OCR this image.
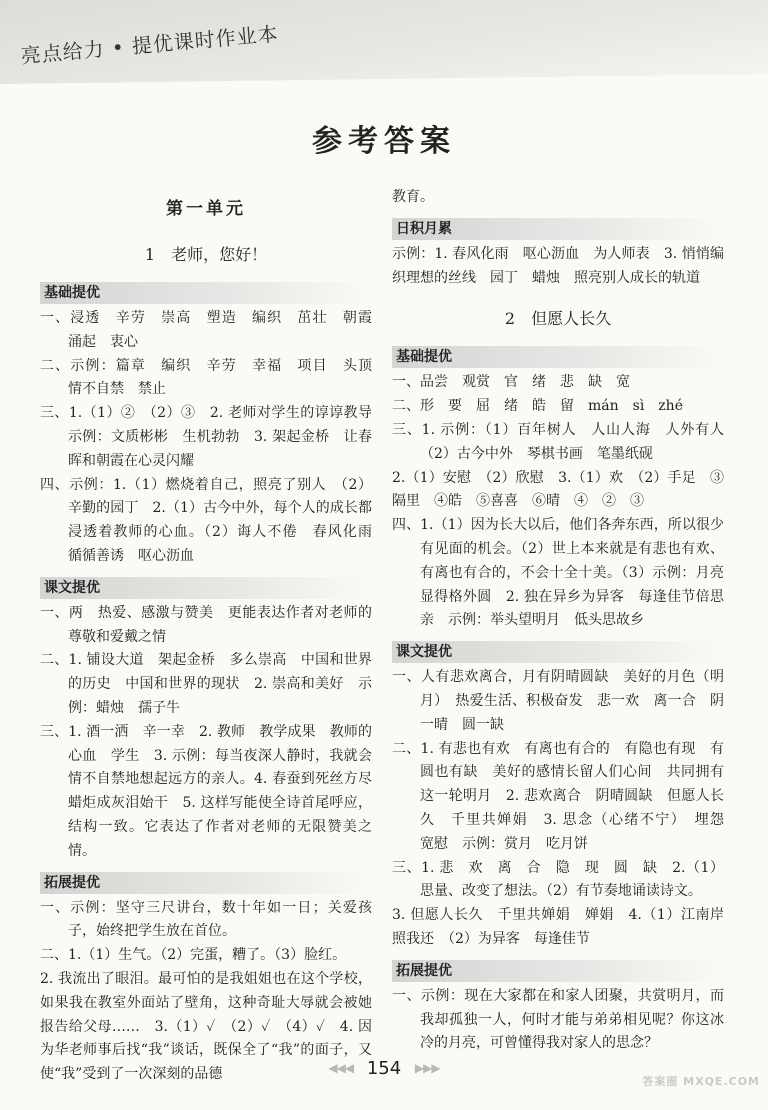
亮点给力 • 提优课时作业本
参考答案
第一单元
1　老师，您好！
基础提优
一、浸透　辛劳　崇高　塑造　编织　茁壮　朝霞　涌起　衷心
二、示例：篇章　编织　辛劳　幸福　项目　头顶　情不自禁　禁止
三、1.（1）②　（2）③　2. 老师对学生的谆谆教导　示例：文质彬彬　生机勃勃　3. 架起金桥　让春晖和朝霞在心灵闪耀
四、示例：1.（1）燃烧着自己，照亮了别人　（2）辛勤的园丁　2.（1）古今中外，每个人的成长都浸透着教师的心血。（2）诲人不倦　春风化雨　循循善诱　呕心沥血
课文提优
一、两　热爱、感激与赞美　更能表达作者对老师的尊敬和爱戴之情
二、1. 铺设大道　架起金桥　多么崇高　中国和世界的历史　中国和世界的现状　2. 崇高和美好　示例：蜡烛　孺子牛
三、1. 酒一洒　辛一幸　2. 教师　教学成果　教师的心血　学生　3. 示例：每当夜深人静时，我就会情不自禁地想起远方的亲人。4. 春蚕到死丝方尽　蜡炬成灰泪始干　5. 这样写能使全诗首尾呼应，结构一致。它表达了作者对老师的无限赞美之情。
拓展提优
一、示例：坚守三尺讲台，数十年如一日；关爱孩子，始终把学生放在首位。
二、1.（1）生气。（2）完蛋，糟了。（3）脸红。
2. 我流出了眼泪。最可怕的是我姐姐也在这个学校，如果我在教室外面站了壁角，这种奇耻大辱就会被她报告给父母……　3.（1）✓　（2）✓　（4）✓　4. 因为华老师事后找“我”谈话，既保全了“我”的面子，又使“我”受到了一次深刻的品德
教育。
日积月累
示例：1. 春风化雨　呕心沥血　为人师表　3. 悄悄编织理想的丝线　园丁　蜡烛　照亮别人成长的轨道
2　但愿人长久
基础提优
一、品尝　观赏　官　绪　悲　缺　宽
二、形　要　屈　绪　皓　留　mán　sì　zhé
三、1. 示例：（1）百年树人　人山人海　人外有人　（2）古今中外　琴棋书画　笔墨纸砚
2.（1）安慰　（2）欣慰　3.（1）欢　（2）手足　③隔里　④皓　⑤喜喜　⑥晴　④　②　③
四、1.（1）因为长大以后，他们各奔东西，所以很少有见面的机会。（2）世上本来就是有悲也有欢、有离也有合的，不会十全十美。（3）示例：月亮显得格外圆　2. 独在异乡为异客　每逢佳节倍思亲　示例：举头望明月　低头思故乡
课文提优
一、人有悲欢离合，月有阴晴圆缺　美好的月色（明月）　热爱生活、积极奋发　悲一欢　离一合　阴一晴　圆一缺
二、1. 有悲也有欢　有离也有合的　有隐也有现　有圆也有缺　美好的感情长留人们心间　共同拥有这一轮明月　2. 悲欢离合　阴晴圆缺　但愿人长久　千里共婵娟　3. 思念（心绪不宁）　埋怨　宽慰　示例：赏月　吃月饼
三、1. 悲　欢　离　合　隐　现　圆　缺　2.（1）思量、改变了想法。（2）有节奏地诵读诗文。
3. 但愿人长久　千里共婵娟　婵娟　4.（1）江南岸　照我还　（2）为异客　每逢佳节
拓展提优
一、示例：现在大家都在和家人团聚，共赏明月，而我却孤独一人，何时才能与弟弟相见呢？你这冰冷的月亮，可曾懂得我对家人的思念？
◀◀◀ 154 ▶▶▶
答案圈 MXQE.COM
